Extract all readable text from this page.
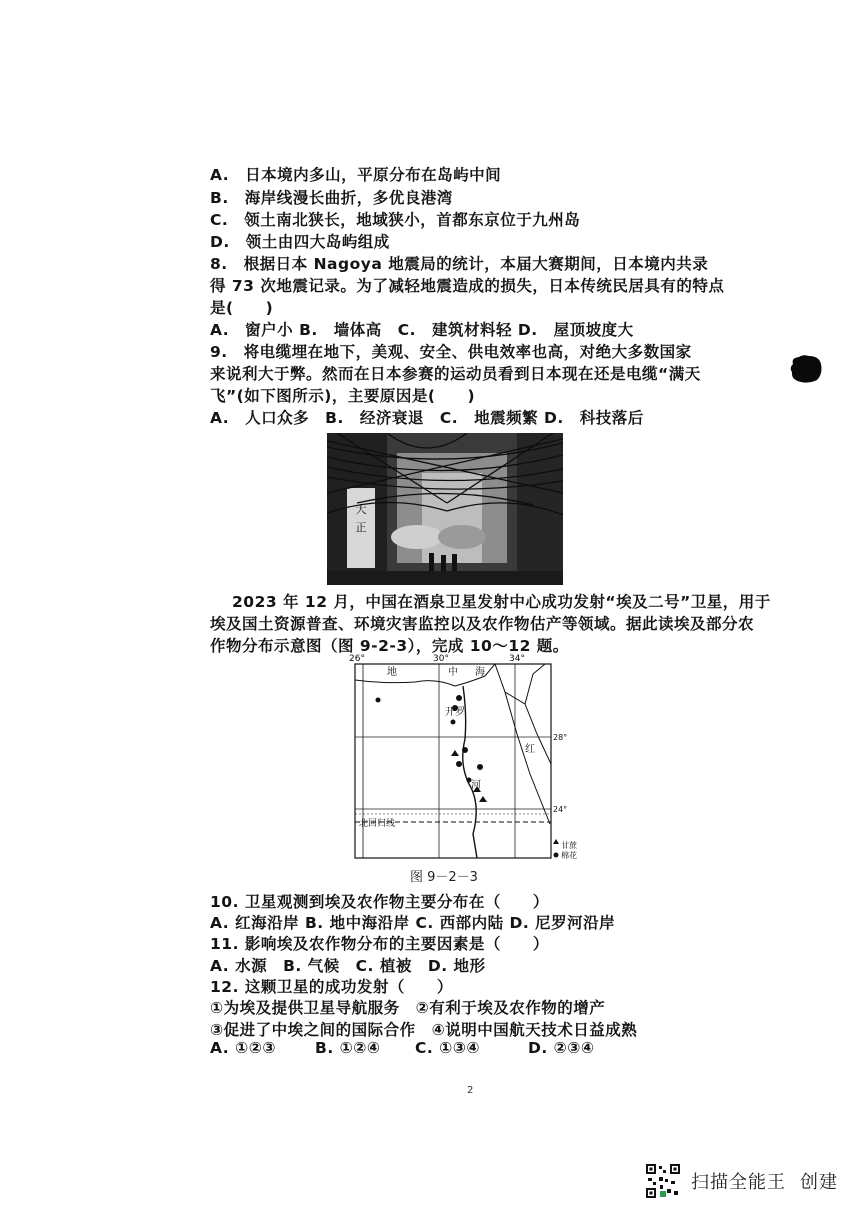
A.　日本境内多山，平原分布在岛屿中间
B.　海岸线漫长曲折，多优良港湾
C.　领土南北狭长，地域狭小，首都东京位于九州岛
D.　领土由四大岛屿组成
8.　根据日本 Nagoya 地震局的统计，本届大赛期间，日本境内共录
得 73 次地震记录。为了减轻地震造成的损失，日本传统民居具有的特点
是(　　)
A.　窗户小 B.　墙体高　C.　建筑材料轻 D.　屋顶坡度大
9.　将电缆埋在地下，美观、安全、供电效率也高，对绝大多数国家
来说利大于弊。然而在日本参赛的运动员看到日本现在还是电缆“满天
飞”(如下图所示)，主要原因是(　　)
A.　人口众多　B.　经济衰退　C.　地震频繁 D.　科技落后
大
正
2023 年 12 月，中国在酒泉卫星发射中心成功发射“埃及二号”卫星，用于
埃及国土资源普查、环境灾害监控以及农作物估产等领域。据此读埃及部分农
作物分布示意图（图 9-2-3），完成 10～12 题。
26°	30°	34°
28°
24°
地	中 海
开罗
红
河
北回归线
甘蔗
棉花
图 9－2－3
10. 卫星观测到埃及农作物主要分布在（　　）
A. 红海沿岸 B. 地中海沿岸 C. 西部内陆 D. 尼罗河沿岸
11. 影响埃及农作物分布的主要因素是（　　）
A. 水源　B. 气候　C. 植被　D. 地形
12. 这颗卫星的成功发射（　　）
①为埃及提供卫星导航服务　②有利于埃及农作物的增产
③促进了中埃之间的国际合作　④说明中国航天技术日益成熟
A. ①②③	B. ①②④ C. ①③④	D. ②③④
2
扫描全能王 创建
